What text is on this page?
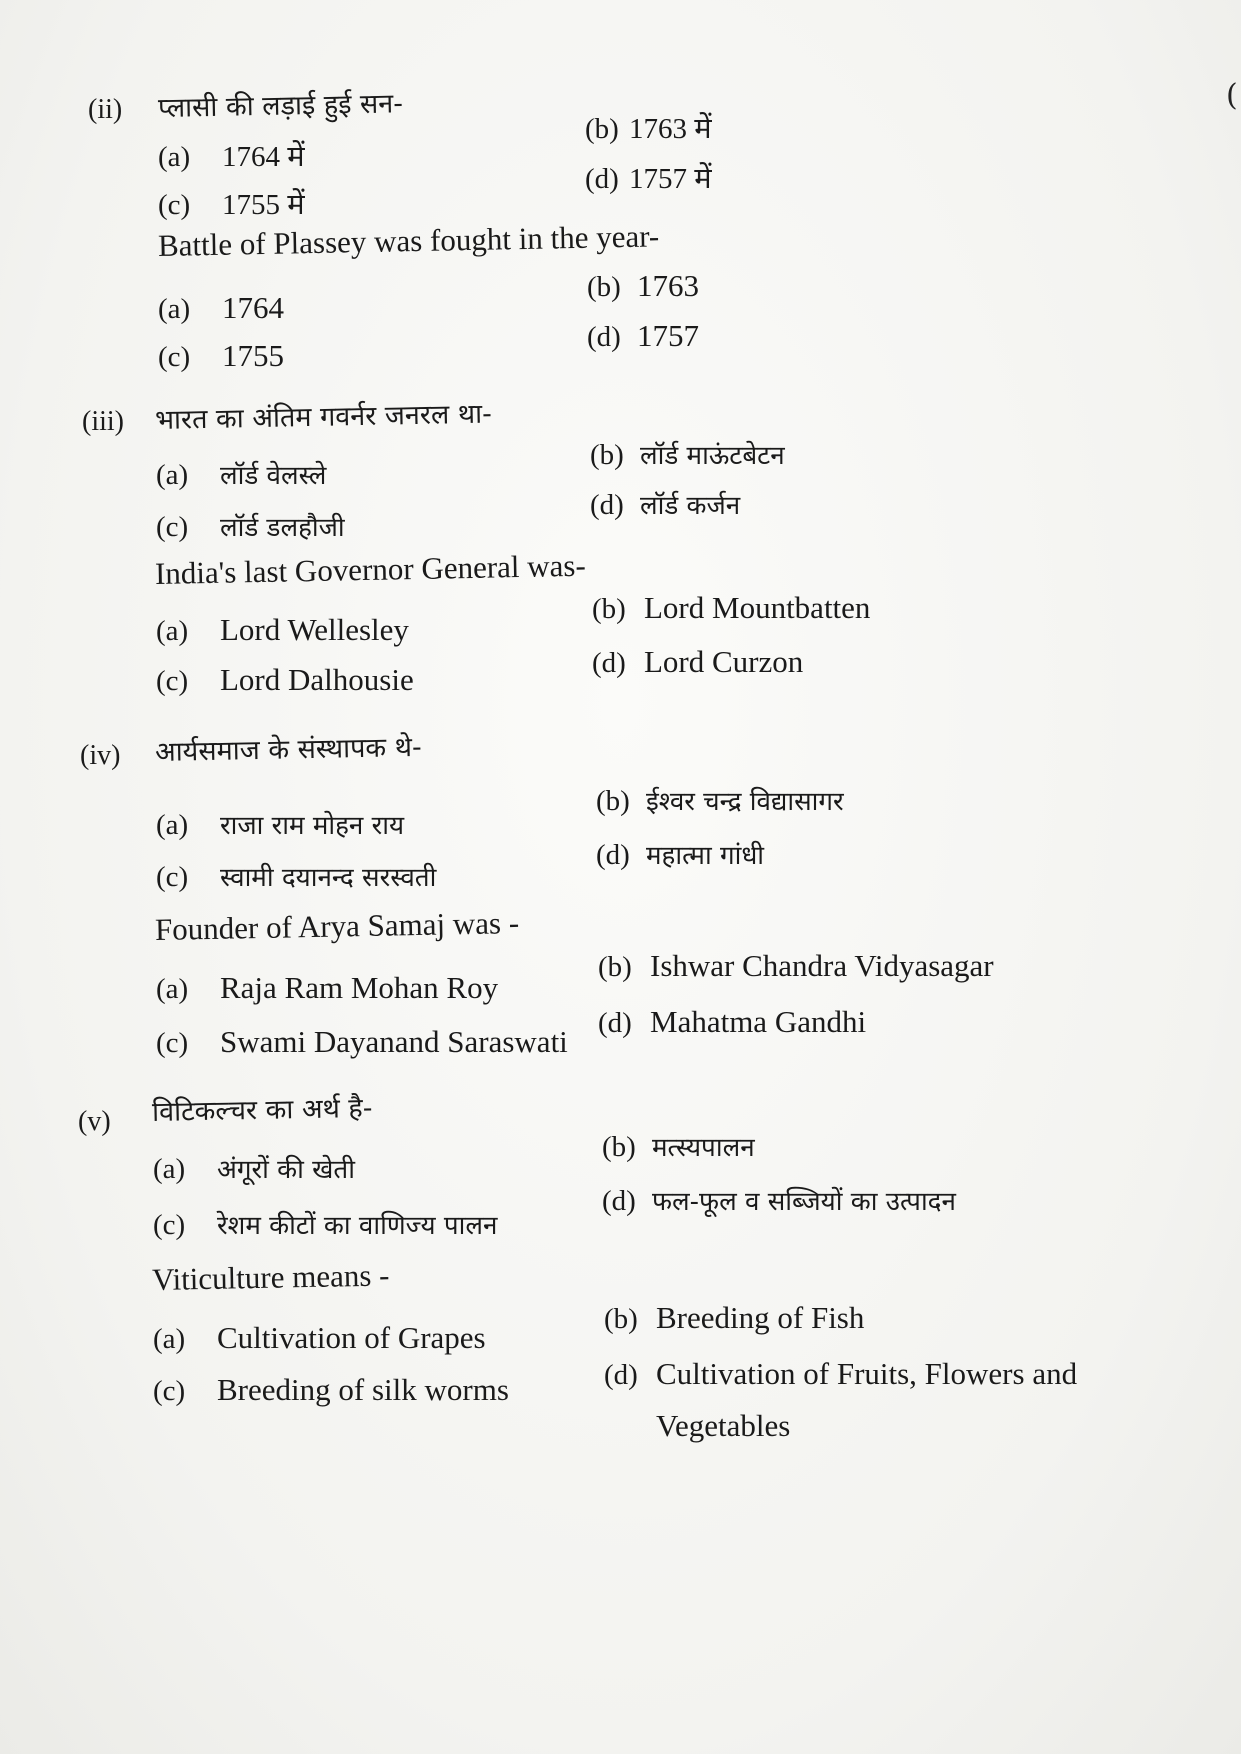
(
(ii) प्लासी की लड़ाई हुई सन-
(a)	1764 में
(b) 1763 में
(c)	1755 में
(d) 1757 में
Battle of Plassey was fought in the year-
(a)	1764
(b) 1763
(c)	1755
(d) 1757
(iii) भारत का अंतिम गवर्नर जनरल था-
(a)	लॉर्ड वेलस्ले
(b) लॉर्ड माऊंटबेटन
(c)	लॉर्ड डलहौजी
(d) लॉर्ड कर्जन
India's last Governor General was-
(a)	Lord Wellesley
(b) Lord Mountbatten
(c)	Lord Dalhousie	(d) Lord Curzon
(iv) आर्यसमाज के संस्थापक थे-
(a)	राजा राम मोहन राय
(b) ईश्वर चन्द्र विद्यासागर
(c)	स्वामी दयानन्द सरस्वती
(d) महात्मा गांधी
Founder of Arya Samaj was -
(a)	Raja Ram Mohan Roy
(b) Ishwar Chandra Vidyasagar
(c)	Swami Dayanand Saraswati
(d) Mahatma Gandhi
(v) विटिकल्चर का अर्थ है-
(a)	अंगूरों की खेती
(b) मत्स्यपालन
(c)	रेशम कीटों का वाणिज्य पालन
(d) फल-फूल व सब्जियों का उत्पादन
Viticulture means -
(a)	Cultivation of Grapes
(b) Breeding of Fish
(c)	Breeding of silk worms	(d) Cultivation of Fruits, Flowers and
Vegetables
